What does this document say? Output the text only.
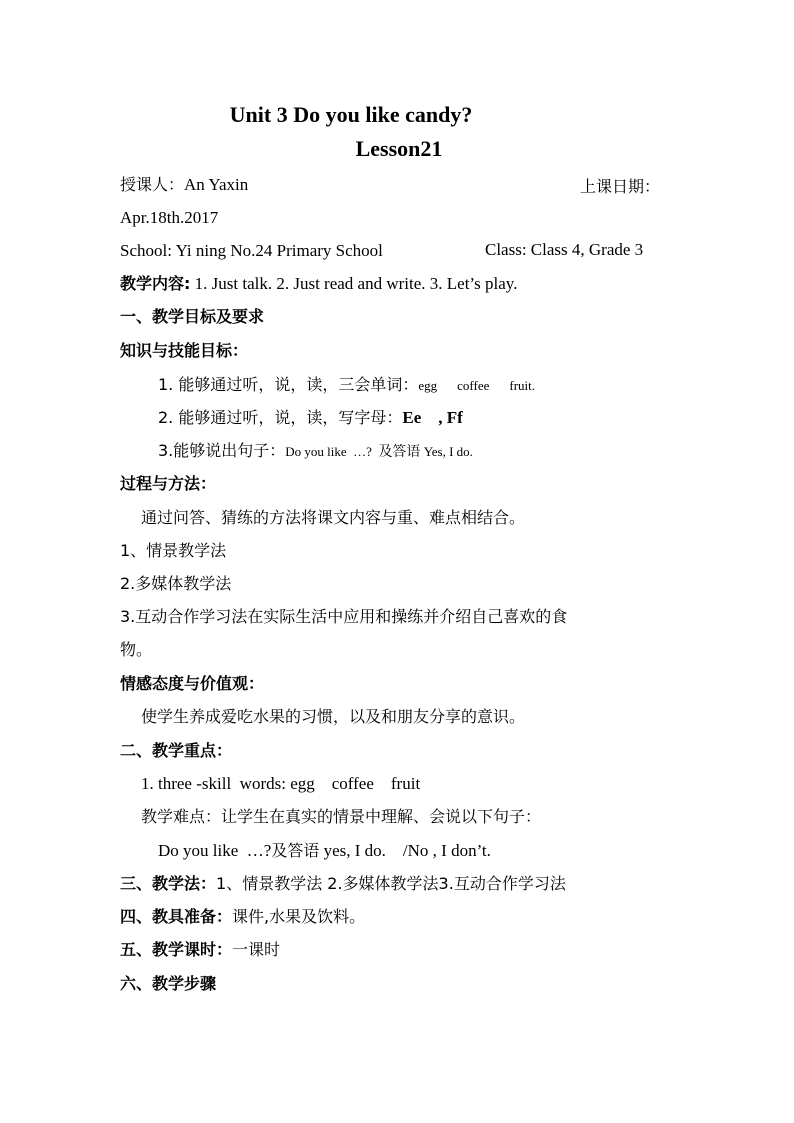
Unit 3 Do you like candy?
Lesson21
授课人：An Yaxin	上课日期：
Apr.18th.2017
School: Yi ning No.24 Primary School	Class: Class 4, Grade 3
教学内容: 1. Just talk. 2. Just read and write. 3. Let’s play.
一、教学目标及要求
知识与技能目标：
1. 能够通过听，说，读，三会单词：egg coffee fruit.
2. 能够通过听，说，读，写字母：Ee    , Ff
3.能够说出句子：Do you like  …?  及答语 Yes, I do.
过程与方法：
通过问答、猜练的方法将课文内容与重、难点相结合。
1、情景教学法
2.多媒体教学法
3.互动合作学习法在实际生活中应用和操练并介绍自己喜欢的食
物。
情感态度与价值观：
使学生养成爱吃水果的习惯，以及和朋友分享的意识。
二、教学重点：
1. three -skill  words: egg    coffee    fruit
教学难点：让学生在真实的情景中理解、会说以下句子：
Do you like  …?及答语 yes, I do.    /No , I don’t.
三、教学法：1、情景教学法 2.多媒体教学法3.互动合作学习法
四、教具准备：课件,水果及饮料。
五、教学课时：一课时
六、教学步骤
